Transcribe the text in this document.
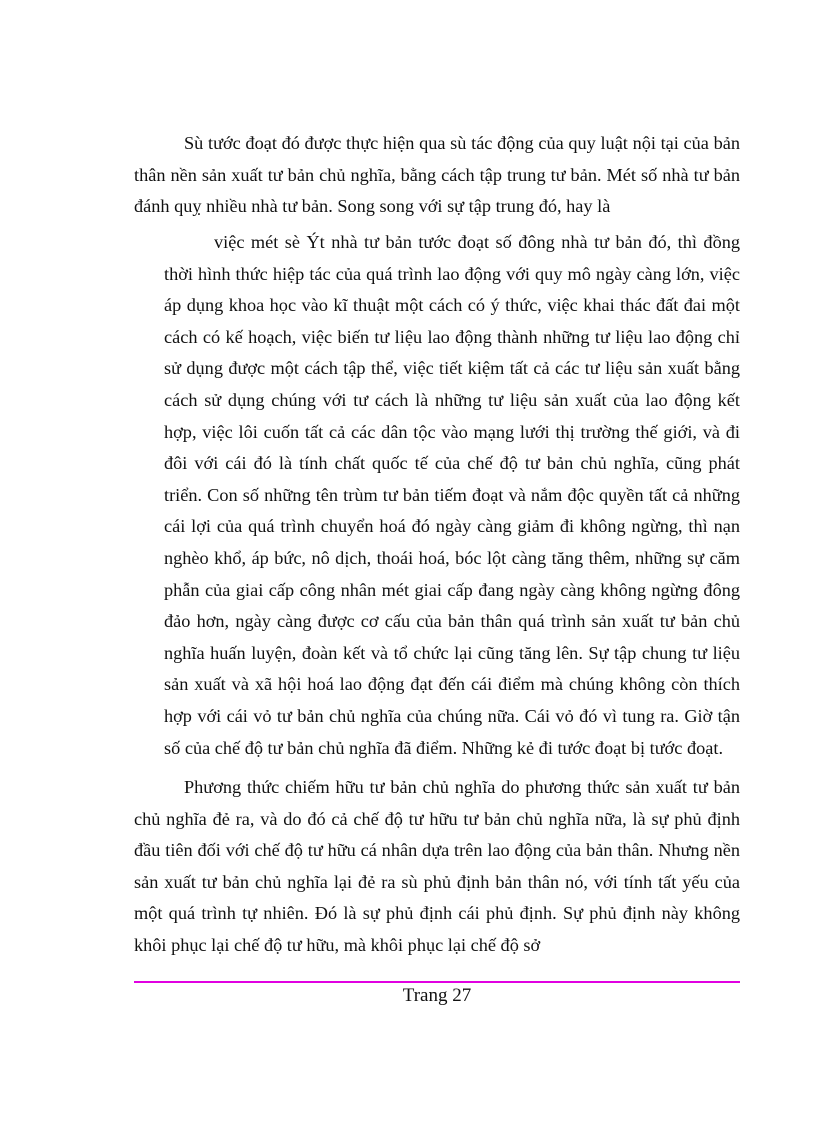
Sù tước đoạt đó được thực hiện qua sù tác động của quy luật nội tại của bản thân nền sản xuất tư bản chủ nghĩa, bằng cách tập trung tư bản. Mét số nhà tư bản đánh quỵ nhiều nhà tư bản. Song song với sự tập trung đó, hay là

việc mét sè Ýt nhà tư bản tước đoạt số đông nhà tư bản đó, thì đồng thời hình thức hiệp tác của quá trình lao động với quy mô ngày càng lớn, việc áp dụng khoa học vào kĩ thuật một cách có ý thức, việc khai thác đất đai một cách có kế hoạch, việc biến tư liệu lao động thành những tư liệu lao động chỉ sử dụng được một cách tập thể, việc tiết kiệm tất cả các tư liệu sản xuất bằng cách sử dụng chúng với tư cách là những tư liệu sản xuất của lao động kết hợp, việc lôi cuốn tất cả các dân tộc vào mạng lưới thị trường thế giới, và đi đôi với cái đó là tính chất quốc tế của chế độ tư bản chủ nghĩa, cũng phát triển. Con số những tên trùm tư bản tiếm đoạt và nắm độc quyền tất cả những cái lợi của quá trình chuyển hoá đó ngày càng giảm đi không ngừng, thì nạn nghèo khổ, áp bức, nô dịch, thoái hoá, bóc lột càng tăng thêm, những sự căm phẫn của giai cấp công nhân mét giai cấp đang ngày càng không ngừng đông đảo hơn, ngày càng được cơ cấu của bản thân quá trình sản xuất tư bản chủ nghĩa huấn luyện, đoàn kết và tổ chức lại cũng tăng lên. Sự tập chung tư liệu sản xuất và xã hội hoá lao động đạt đến cái điểm mà chúng không còn thích hợp với cái vỏ tư bản chủ nghĩa của chúng nữa. Cái vỏ đó vì tung ra. Giờ tận số của chế độ tư bản chủ nghĩa đã điểm. Những kẻ đi tước đoạt bị tước đoạt.

Phương thức chiếm hữu tư bản chủ nghĩa do phương thức sản xuất tư bản chủ nghĩa đẻ ra, và do đó cả chế độ tư hữu tư bản chủ nghĩa nữa, là sự phủ định đầu tiên đối với chế độ tư hữu cá nhân dựa trên lao động của bản thân. Nhưng nền sản xuất tư bản chủ nghĩa lại đẻ ra sù phủ định bản thân nó, với tính tất yếu của một quá trình tự nhiên. Đó là sự phủ định cái phủ định. Sự phủ định này không khôi phục lại chế độ tư hữu, mà khôi phục lại chế độ sở

Trang 27
